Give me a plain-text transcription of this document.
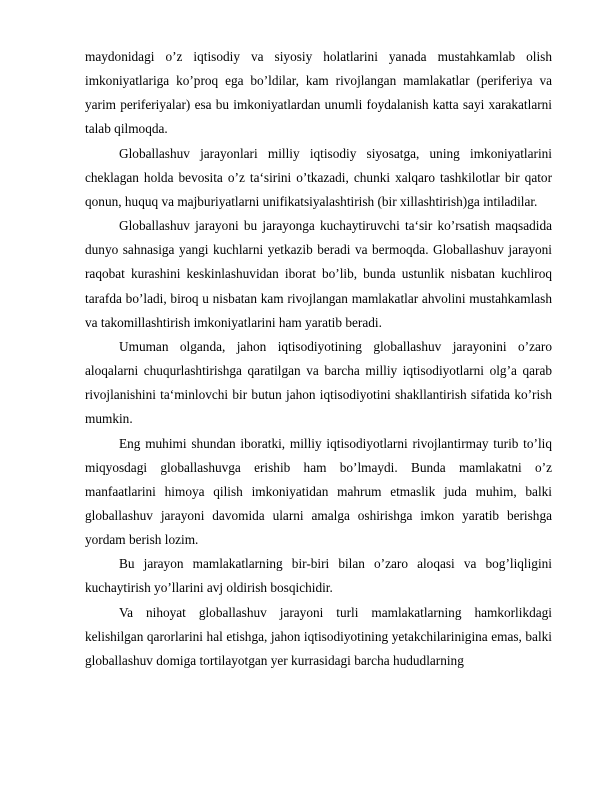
maydonidagi o’z iqtisodiy va siyosiy holatlarini yanada mustahkamlab olish imkoniyatlariga ko’proq ega bo’ldilar, kam rivojlangan mamlakatlar (periferiya va yarim periferiyalar) esa bu imkoniyatlardan unumli foydalanish katta sayi xarakatlarni talab qilmoqda.

Globallashuv jarayonlari milliy iqtisodiy siyosatga, uning imkoniyatlarini cheklagan holda bevosita o’z ta‘sirini o’tkazadi, chunki xalqaro tashkilotlar bir qator qonun, huquq va majburiyatlarni unifikatsiyalashtirish (bir xillashtirish)ga intiladilar.

Globallashuv jarayoni bu jarayonga kuchaytiruvchi ta‘sir ko’rsatish maqsadida dunyo sahnasiga yangi kuchlarni yetkazib beradi va bermoqda. Globallashuv jarayoni raqobat kurashini keskinlashuvidan iborat bo’lib, bunda ustunlik nisbatan kuchliroq tarafda bo’ladi, biroq u nisbatan kam rivojlangan mamlakatlar ahvolini mustahkamlash va takomillashtirish imkoniyatlarini ham yaratib beradi.

Umuman olganda, jahon iqtisodiyotining globallashuv jarayonini o’zaro aloqalarni chuqurlashtirishga qaratilgan va barcha milliy iqtisodiyotlarni olg’a qarab rivojlanishini ta‘minlovchi bir butun jahon iqtisodiyotini shakllantirish sifatida ko’rish mumkin.

Eng muhimi shundan iboratki, milliy iqtisodiyotlarni rivojlantirmay turib to’liq miqyosdagi globallashuvga erishib ham bo’lmaydi. Bunda mamlakatni o’z manfaatlarini himoya qilish imkoniyatidan mahrum etmaslik juda muhim, balki globallashuv jarayoni davomida ularni amalga oshirishga imkon yaratib berishga yordam berish lozim.

Bu jarayon mamlakatlarning bir-biri bilan o’zaro aloqasi va bog’liqligini kuchaytirish yo’llarini avj oldirish bosqichidir.

Va nihoyat globallashuv jarayoni turli mamlakatlarning hamkorlikdagi kelishilgan qarorlarini hal etishga, jahon iqtisodiyotining yetakchilarinigina emas, balki globallashuv domiga tortilayotgan yer kurrasidagi barcha hududlarning
